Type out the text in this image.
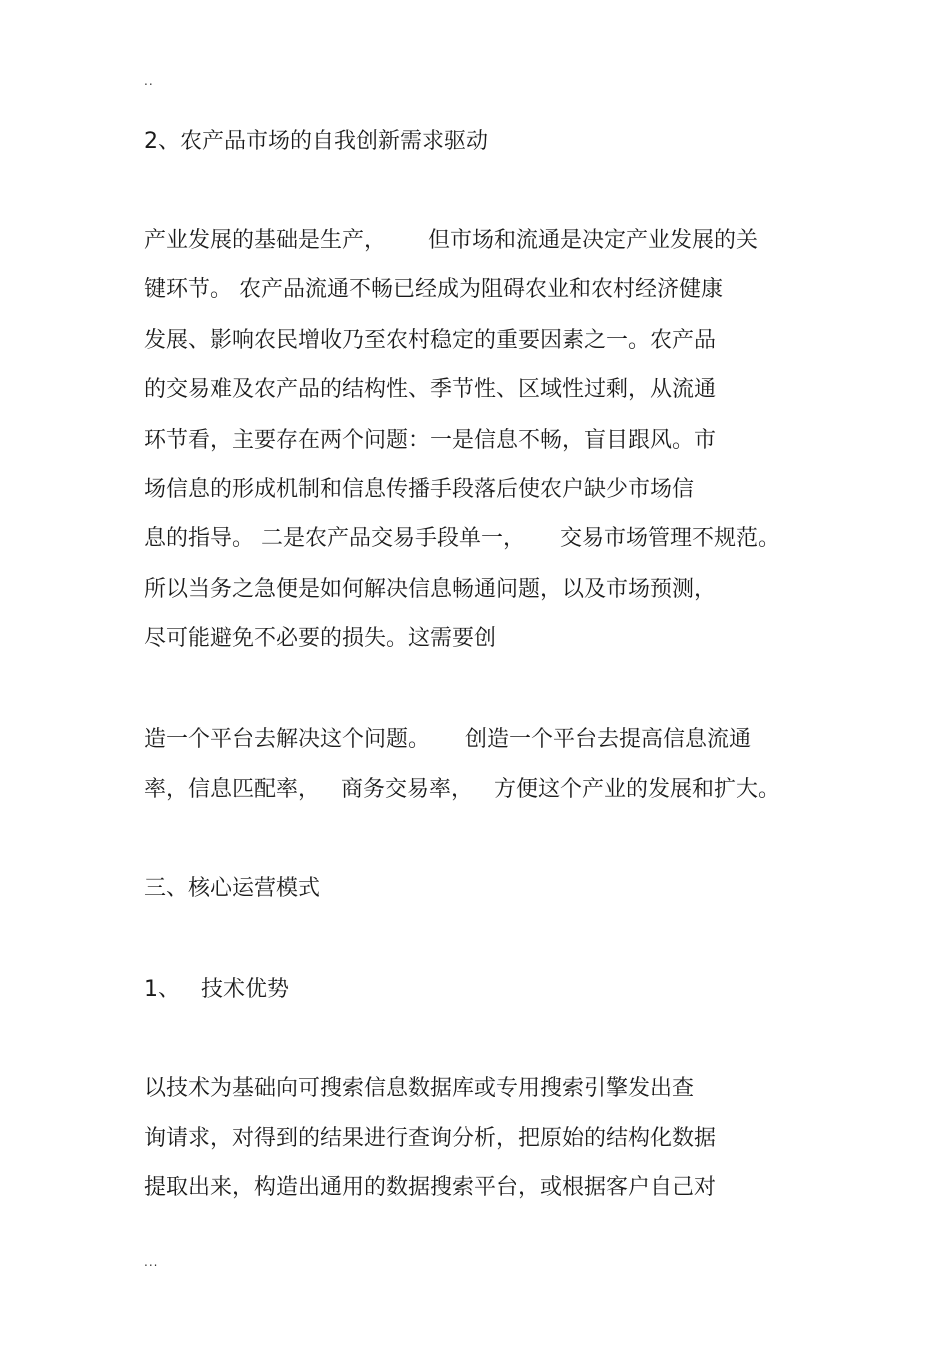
..
2、农产品市场的自我创新需求驱动
产业发展的基础是生产，      但市场和流通是决定产业发展的关
键环节。 农产品流通不畅已经成为阻碍农业和农村经济健康
发展、影响农民增收乃至农村稳定的重要因素之一。农产品
的交易难及农产品的结构性、季节性、区域性过剩，从流通
环节看，主要存在两个问题：一是信息不畅，盲目跟风。市
场信息的形成机制和信息传播手段落后使农户缺少市场信
息的指导。 二是农产品交易手段单一，     交易市场管理不规范。
所以当务之急便是如何解决信息畅通问题，以及市场预测，
尽可能避免不必要的损失。这需要创
造一个平台去解决这个问题。     创造一个平台去提高信息流通
率，信息匹配率，   商务交易率，   方便这个产业的发展和扩大。
三、核心运营模式
1、   技术优势
以技术为基础向可搜索信息数据库或专用搜索引擎发出查
询请求，对得到的结果进行查询分析，把原始的结构化数据
提取出来，构造出通用的数据搜索平台，或根据客户自己对
...
